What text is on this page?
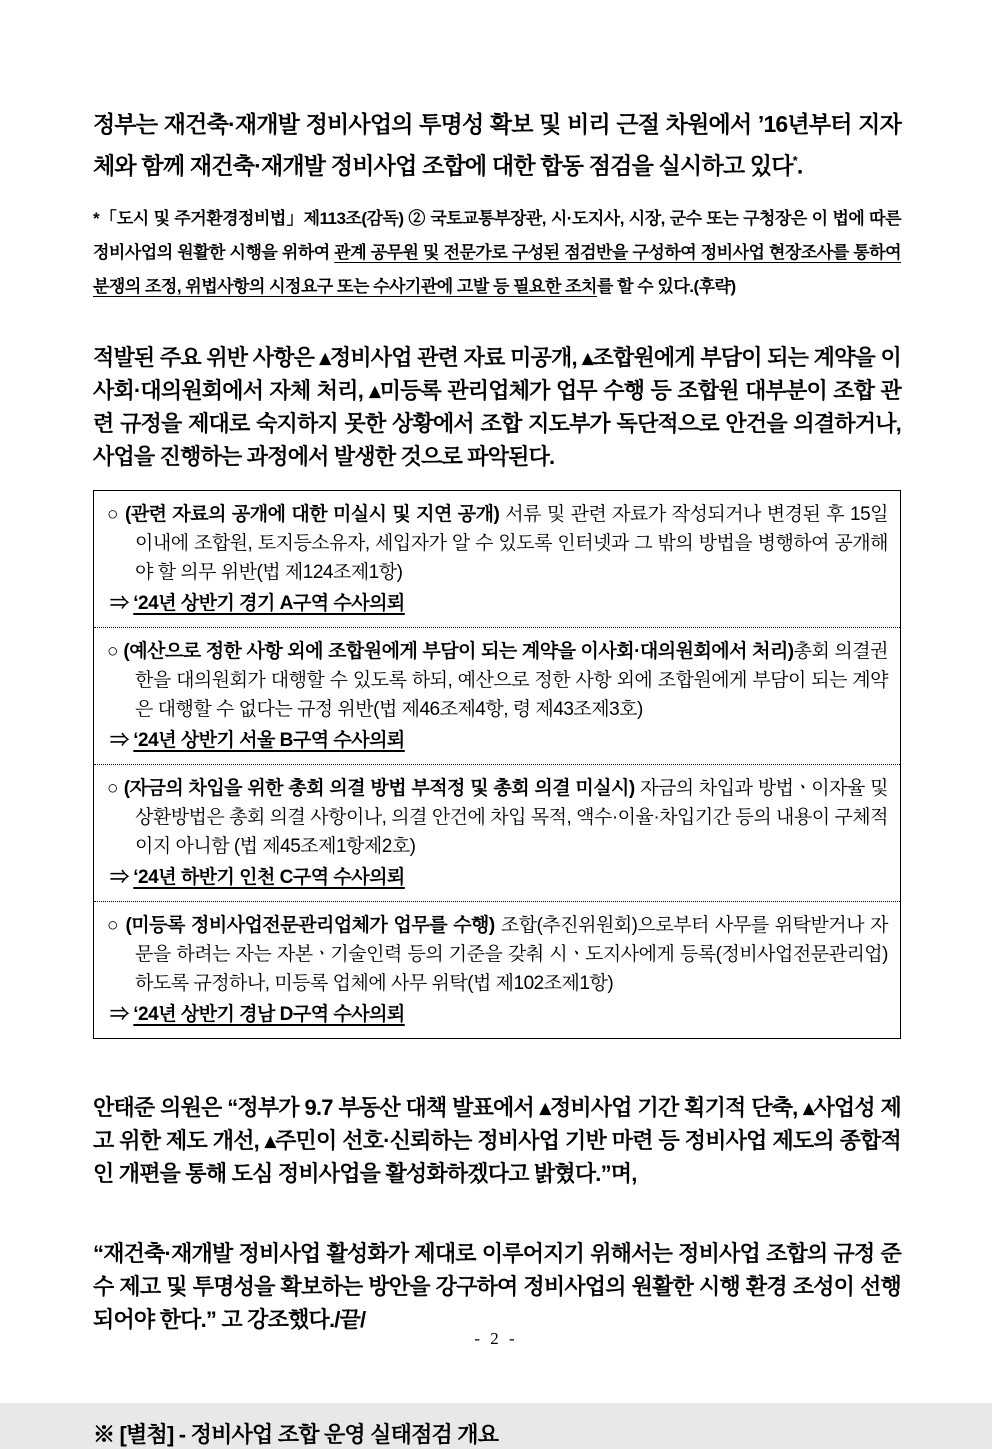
정부는 재건축·재개발 정비사업의 투명성 확보 및 비리 근절 차원에서 ’16년부터 지자체와 함께 재건축·재개발 정비사업 조합에 대한 합동 점검을 실시하고 있다*.

*「도시 및 주거환경정비법」제113조(감독) ② 국토교통부장관, 시·도지사, 시장, 군수 또는 구청장은 이 법에 따른 정비사업의 원활한 시행을 위하여 관계 공무원 및 전문가로 구성된 점검반을 구성하여 정비사업 현장조사를 통하여 분쟁의 조정, 위법사항의 시정요구 또는 수사기관에 고발 등 필요한 조치를 할 수 있다.(후략)

적발된 주요 위반 사항은 ▴정비사업 관련 자료 미공개, ▴조합원에게 부담이 되는 계약을 이사회·대의원회에서 자체 처리, ▴미등록 관리업체가 업무 수행 등 조합원 대부분이 조합 관련 규정을 제대로 숙지하지 못한 상황에서 조합 지도부가 독단적으로 안건을 의결하거나, 사업을 진행하는 과정에서 발생한 것으로 파악된다.

○ (관련 자료의 공개에 대한 미실시 및 지연 공개) 서류 및 관련 자료가 작성되거나 변경된 후 15일 이내에 조합원, 토지등소유자, 세입자가 알 수 있도록 인터넷과 그 밖의 방법을 병행하여 공개해야 할 의무 위반(법 제124조제1항)
⇒ ‘24년 상반기 경기 A구역 수사의뢰
○ (예산으로 정한 사항 외에 조합원에게 부담이 되는 계약을 이사회·대의원회에서 처리)총회 의결권한을 대의원회가 대행할 수 있도록 하되, 예산으로 정한 사항 외에 조합원에게 부담이 되는 계약은 대행할 수 없다는 규정 위반(법 제46조제4항, 령 제43조제3호)
⇒ ‘24년 상반기 서울 B구역 수사의뢰
○ (자금의 차입을 위한 총회 의결 방법 부적정 및 총회 의결 미실시) 자금의 차입과 방법ㆍ이자율 및 상환방법은 총회 의결 사항이나, 의결 안건에 차입 목적, 액수·이율·차입기간 등의 내용이 구체적이지 아니함 (법 제45조제1항제2호)
⇒ ‘24년 하반기 인천 C구역 수사의뢰
○ (미등록 정비사업전문관리업체가 업무를 수행) 조합(추진위원회)으로부터 사무를 위탁받거나 자문을 하려는 자는 자본ㆍ기술인력 등의 기준을 갖춰 시ㆍ도지사에게 등록(정비사업전문관리업) 하도록 규정하나, 미등록 업체에 사무 위탁(법 제102조제1항)
⇒ ‘24년 상반기 경남 D구역 수사의뢰

안태준 의원은 “정부가 9.7 부동산 대책 발표에서 ▴정비사업 기간 획기적 단축, ▴사업성 제고 위한 제도 개선, ▴주민이 선호·신뢰하는 정비사업 기반 마련 등 정비사업 제도의 종합적인 개편을 통해 도심 정비사업을 활성화하겠다고 밝혔다.”며,

“재건축·재개발 정비사업 활성화가 제대로 이루어지기 위해서는 정비사업 조합의 규정 준수 제고 및 투명성을 확보하는 방안을 강구하여 정비사업의 원활한 시행 환경 조성이 선행되어야 한다.” 고 강조했다./끝/

※ [별첨] - 정비사업 조합 운영 실태점검 개요

- 2 -
